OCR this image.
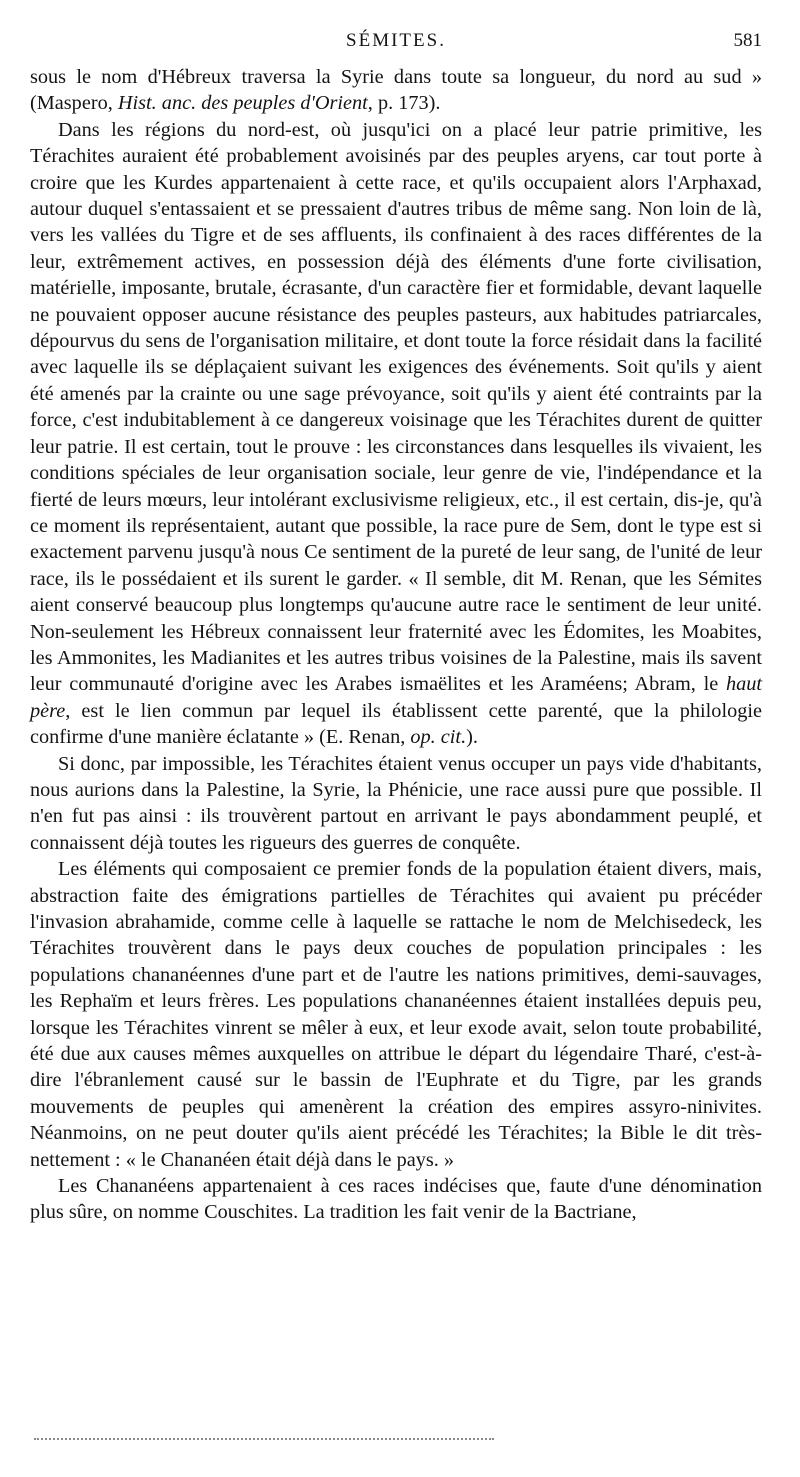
SÉMITES.	581

sous le nom d'Hébreux traversa la Syrie dans toute sa longueur, du nord au sud » (Maspero, Hist. anc. des peuples d'Orient, p. 173).

Dans les régions du nord-est, où jusqu'ici on a placé leur patrie primitive, les Térachites auraient été probablement avoisinés par des peuples aryens, car tout porte à croire que les Kurdes appartenaient à cette race, et qu'ils occupaient alors l'Arphaxad, autour duquel s'entassaient et se pressaient d'autres tribus de même sang. Non loin de là, vers les vallées du Tigre et de ses affluents, ils confinaient à des races différentes de la leur, extrêmement actives, en possession déjà des éléments d'une forte civilisation, matérielle, imposante, brutale, écrasante, d'un caractère fier et formidable, devant laquelle ne pouvaient opposer aucune résistance des peuples pasteurs, aux habitudes patriarcales, dépourvus du sens de l'organisation militaire, et dont toute la force résidait dans la facilité avec laquelle ils se déplaçaient suivant les exigences des événements. Soit qu'ils y aient été amenés par la crainte ou une sage prévoyance, soit qu'ils y aient été contraints par la force, c'est indubitablement à ce dangereux voisinage que les Térachites durent de quitter leur patrie. Il est certain, tout le prouve : les circonstances dans lesquelles ils vivaient, les conditions spéciales de leur organisation sociale, leur genre de vie, l'indépendance et la fierté de leurs mœurs, leur intolérant exclusivisme religieux, etc., il est certain, dis-je, qu'à ce moment ils représentaient, autant que possible, la race pure de Sem, dont le type est si exactement parvenu jusqu'à nous Ce sentiment de la pureté de leur sang, de l'unité de leur race, ils le possédaient et ils surent le garder. « Il semble, dit M. Renan, que les Sémites aient conservé beaucoup plus longtemps qu'aucune autre race le sentiment de leur unité. Non-seulement les Hébreux connaissent leur fraternité avec les Édomites, les Moabites, les Ammonites, les Madianites et les autres tribus voisines de la Palestine, mais ils savent leur communauté d'origine avec les Arabes ismaëlites et les Araméens; Abram, le haut père, est le lien commun par lequel ils établissent cette parenté, que la philologie confirme d'une manière éclatante » (E. Renan, op. cit.).

Si donc, par impossible, les Térachites étaient venus occuper un pays vide d'habitants, nous aurions dans la Palestine, la Syrie, la Phénicie, une race aussi pure que possible. Il n'en fut pas ainsi : ils trouvèrent partout en arrivant le pays abondamment peuplé, et connaissent déjà toutes les rigueurs des guerres de conquête.

Les éléments qui composaient ce premier fonds de la population étaient divers, mais, abstraction faite des émigrations partielles de Térachites qui avaient pu précéder l'invasion abrahamide, comme celle à laquelle se rattache le nom de Melchisedeck, les Térachites trouvèrent dans le pays deux couches de population principales : les populations chananéennes d'une part et de l'autre les nations primitives, demi-sauvages, les Rephaïm et leurs frères. Les populations chananéennes étaient installées depuis peu, lorsque les Térachites vinrent se mêler à eux, et leur exode avait, selon toute probabilité, été due aux causes mêmes auxquelles on attribue le départ du légendaire Tharé, c'est-à-dire l'ébranlement causé sur le bassin de l'Euphrate et du Tigre, par les grands mouvements de peuples qui amenèrent la création des empires assyro-ninivites. Néanmoins, on ne peut douter qu'ils aient précédé les Térachites; la Bible le dit très-nettement : « le Chananéen était déjà dans le pays. »

Les Chananéens appartenaient à ces races indécises que, faute d'une dénomination plus sûre, on nomme Couschites. La tradition les fait venir de la Bactriane,
